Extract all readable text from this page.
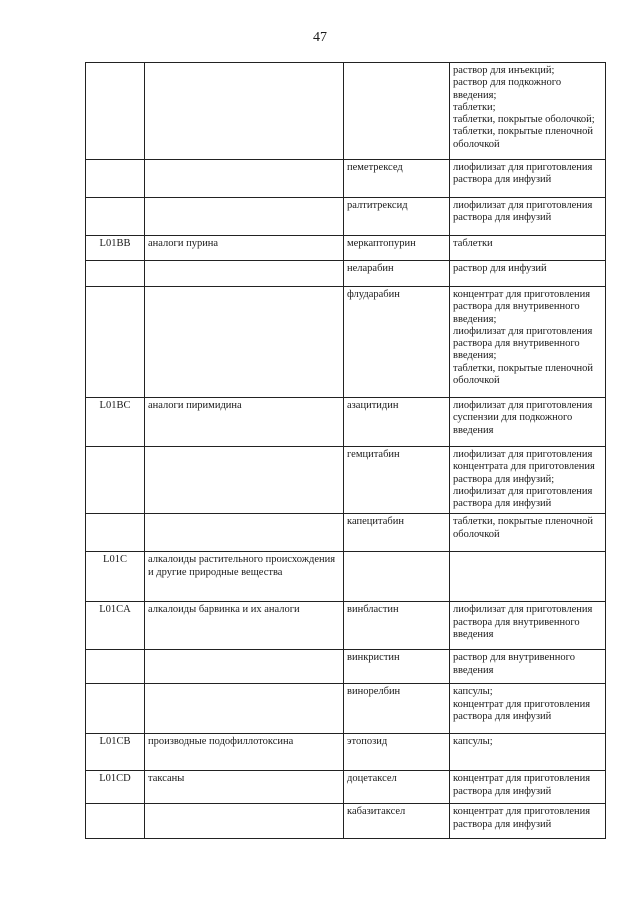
47
			раствор для инъекций;
раствор для подкожного введения;
таблетки;
таблетки, покрытые оболочкой;
таблетки, покрытые пленочной оболочкой
		пеметрексед	лиофилизат для приготовления раствора для инфузий
		ралтитрексид	лиофилизат для приготовления раствора для инфузий
L01BB	аналоги пурина	меркаптопурин	таблетки
		неларабин	раствор для инфузий
		флударабин	концентрат для приготовления раствора для внутривенного введения;
лиофилизат для приготовления раствора для внутривенного введения;
таблетки, покрытые пленочной оболочкой
L01BC	аналоги пиримидина	азацитидин	лиофилизат для приготовления суспензии для подкожного введения
		гемцитабин	лиофилизат для приготовления концентрата для приготовления раствора для инфузий;
лиофилизат для приготовления раствора для инфузий
		капецитабин	таблетки, покрытые пленочной оболочкой
L01C	алкалоиды растительного происхождения и другие природные вещества		
L01CA	алкалоиды барвинка и их аналоги	винбластин	лиофилизат для приготовления раствора для внутривенного введения
		винкристин	раствор для внутривенного введения
		винорелбин	капсулы;
концентрат для приготовления раствора для инфузий
L01CB	производные подофиллотоксина	этопозид	капсулы;
L01CD	таксаны	доцетаксел	концентрат для приготовления раствора для инфузий
		кабазитаксел	концентрат для приготовления раствора для инфузий
